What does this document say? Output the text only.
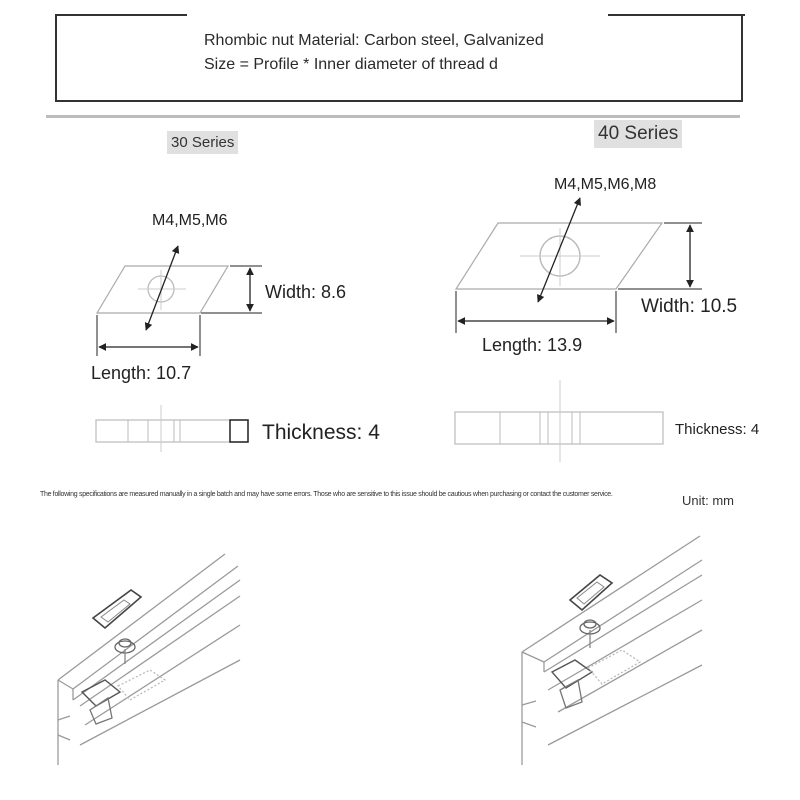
Rhombic nut Material: Carbon steel, Galvanized
Size = Profile * Inner diameter of thread d
30 Series	40 Series
M4,M5,M6
Width: 8.6
Length: 10.7
Thickness: 4
M4,M5,M6,M8
Width: 10.5
Length: 13.9
Thickness: 4
The following specifications are measured manually in a single batch and may have some errors. Those who are sensitive to this issue should be cautious when purchasing or contact the customer service.	Unit: mm
